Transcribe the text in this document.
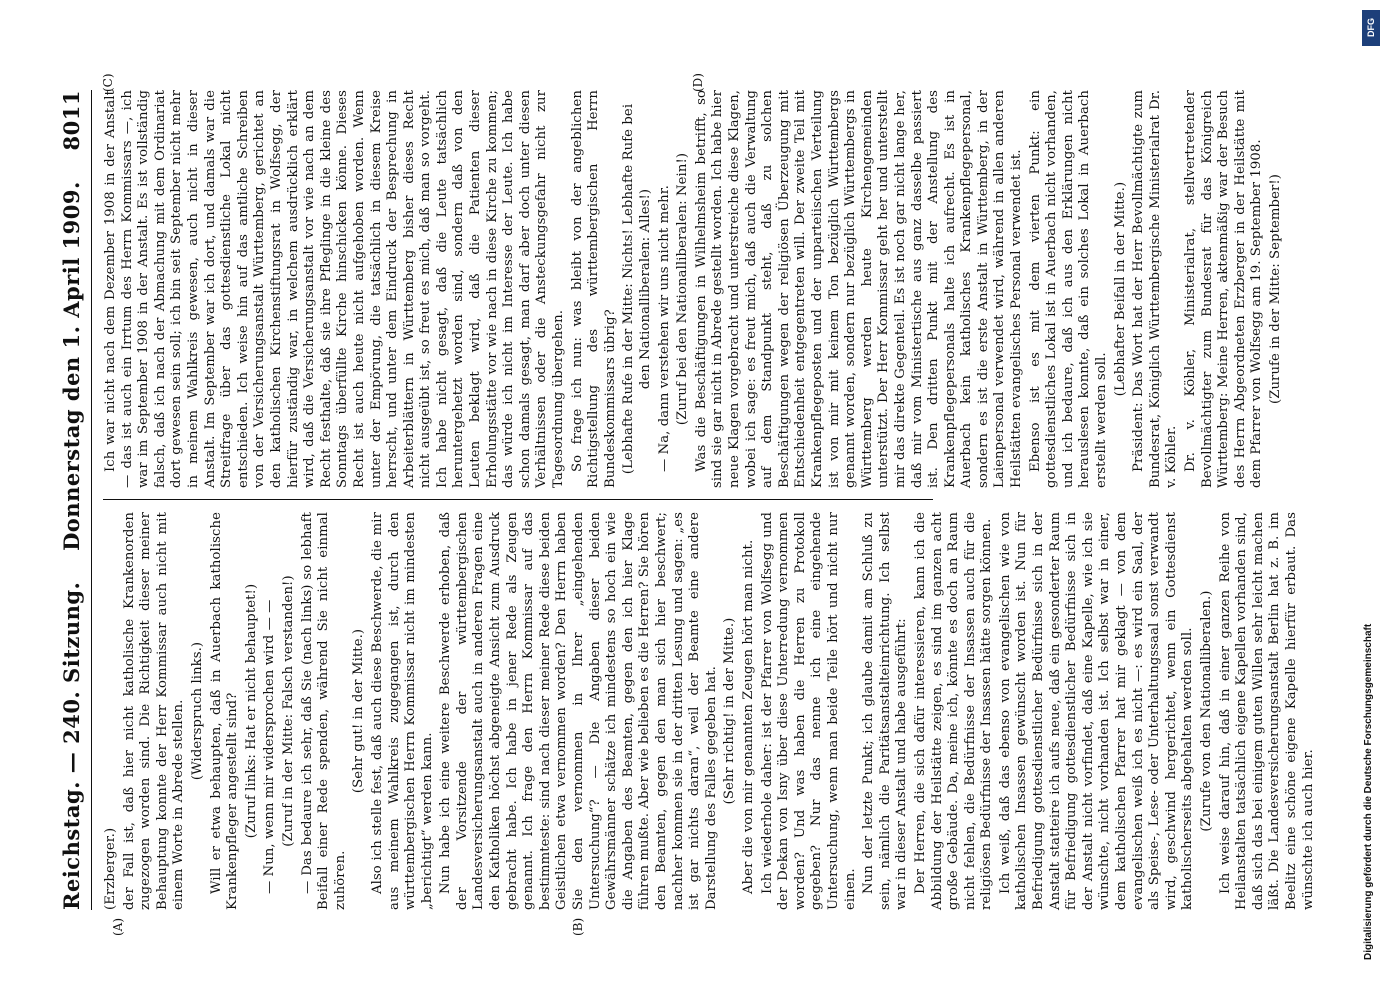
Reichstag. — 240. Sitzung.
Donnerstag den 1. April 1909.
8011
(A)	(B)
(C)	(D)

(Erzberger.) der Fall ist, daß hier nicht katholische Krankenorden zugezogen worden sind. Die Richtigkeit dieser meiner Behauptung konnte der Herr Kommissar auch nicht mit einem Worte in Abrede stellen. (Widerspruch links.) Will er etwa behaupten, daß in Auerbach katholische Krankenpfleger angestellt sind? (Zuruf links: Hat er nicht behauptet!) — Nun, wenn mir widersprochen wird — — (Zuruf in der Mitte: Falsch verstanden!) — Das bedaure ich sehr, daß Sie (nach links) so lebhaft Beifall einer Rede spenden, während Sie nicht einmal zuhören.

(Sehr gut! in der Mitte.) Also ich stelle fest, daß auch diese Beschwerde, die mir aus meinem Wahlkreis zugegangen ist, durch den württembergischen Herrn Kommissar nicht im mindesten „berichtigt“ werden kann. Nun habe ich eine weitere Beschwerde erhoben, daß der Vorsitzende der württembergischen Landesversicherungsanstalt auch in anderen Fragen eine den Katholiken höchst abgeneigte Ansicht zum Ausdruck gebracht habe. Ich habe in jener Rede als Zeugen genannt. Ich frage den Herrn Kommissar auf das bestimmteste: sind nach dieser meiner Rede diese beiden Geistlichen etwa vernommen worden? Den Herrn haben Sie den vernommen in Ihrer „eingehenden Untersuchung“? — Die Angaben dieser beiden Gewährsmänner schätze ich mindestens so hoch ein wie die Angaben des Beamten, gegen den ich hier Klage führen mußte. Aber wie belieben es die Herren? Sie hören den Beamten, gegen den man sich hier beschwert; nachher kommen sie in der dritten Lesung und sagen: „es ist gar nichts daran“, weil der Beamte eine andere Darstellung des Falles gegeben hat. (Sehr richtig! in der Mitte.) Aber die von mir genannten Zeugen hört man nicht. Ich wiederhole daher: ist der Pfarrer von Wolfsegg und der Dekan von Isny über diese Unterredung vernommen worden? Und was haben die Herren zu Protokoll gegeben? Nur das nenne ich eine eingehende Untersuchung, wenn man beide Teile hört und nicht nur einen. Nun der letzte Punkt; ich glaube damit am Schluß zu sein, nämlich die Paritätsanstalteinrichtung. Ich selbst war in dieser Anstalt und habe ausgeführt: Der Herren, die sich dafür interessieren, kann ich die Abbildung der Heilstätte zeigen, es sind im ganzen acht große Gebäude. Da, meine ich, könnte es doch an Raum nicht fehlen, die Bedürfnisse der Insassen auch für die religiösen Bedürfnisse der Insassen hätte sorgen können. Ich weiß, daß das ebenso von evangelischen wie von katholischen Insassen gewünscht worden ist. Nun für Befriedigung gottesdienstlicher Bedürfnisse sich in der Anstalt statteire ich aufs neue, daß ein gesonderter Raum für Befriedigung gottesdienstlicher Bedürfnisse sich in der Anstalt nicht vorfindet, daß eine Kapelle, wie ich sie wünschte, nicht vorhanden ist. Ich selbst war in einer, dem katholischen Pfarrer hat mir geklagt — von dem evangelischen weiß ich es nicht —: es wird ein Saal, der als Speise-, Lese- oder Unterhaltungssaal sonst verwandt wird, geschwind hergerichtet, wenn ein Gottesdienst katholischerseits abgehalten werden soll. (Zurufe von den Nationalliberalen.) Ich weise darauf hin, daß in einer ganzen Reihe von Heilanstalten tatsächlich eigene Kapellen vorhanden sind, daß sich das bei einigem guten Willen sehr leicht machen läßt. Die Landesversicherungsanstalt Berlin hat z. B. im Beelitz eine schöne eigene Kapelle hierfür erbaut. Das wünschte ich auch hier.

Ich war nicht nach dem Dezember 1908 in der Anstalt — das ist auch ein Irrtum des Herrn Kommissars —, ich war im September 1908 in der Anstalt. Es ist vollständig falsch, daß ich nach der Abmachung mit dem Ordinariat dort gewesen sein soll; ich bin seit September nicht mehr in meinem Wahlkreis gewesen, auch nicht in dieser Anstalt. Im September war ich dort, und damals war die Streitfrage über das gottesdienstliche Lokal nicht entschieden. Ich weise hin auf das amtliche Schreiben von der Versicherungsanstalt Württemberg, gerichtet an den katholischen Kirchenstiftungsrat in Wolfsegg, der hierfür zuständig war, in welchem ausdrücklich erklärt wird, daß die Versicherungsanstalt vor wie nach an dem Recht festhalte, daß sie ihre Pfleglinge in die kleine des Sonntags überfüllte Kirche hinschicken könne. Dieses Recht ist auch heute nicht aufgehoben worden. Wenn unter der Empörung, die tatsächlich in diesem Kreise herrscht, und unter dem Eindruck der Besprechung in Arbeiterblättern in Württemberg bisher dieses Recht nicht ausgeübt ist, so freut es mich, daß man so vorgeht. Ich habe nicht gesagt, daß die Leute tatsächlich heruntergehetzt worden sind, sondern daß von den Leuten beklagt wird, daß die Patienten dieser Erholungsstätte vor wie nach in diese Kirche zu kommen; das würde ich nicht im Interesse der Leute. Ich habe schon damals gesagt, man darf aber doch unter diesen Verhältnissen oder die Ansteckungsgefahr nicht zur Tagesordnung übergehen. So frage ich nun: was bleibt von der angeblichen Richtigstellung des württembergischen Herrn Bundeskommissars übrig? (Lebhafte Rufe in der Mitte: Nichts! Lebhafte Rufe bei den Nationalliberalen: Alles!) — Na, dann verstehen wir uns nicht mehr. (Zuruf bei den Nationalliberalen: Nein!) Was die Beschäftigungen in Wilhelmsheim betrifft, so sind sie gar nicht in Abrede gestellt worden. Ich habe hier neue Klagen vorgebracht und unterstreiche diese Klagen, wobei ich sage: es freut mich, daß auch die Verwaltung auf dem Standpunkt steht, daß zu solchen Beschäftigungen wegen der religiösen Überzeugung mit Entschiedenheit entgegentreten will. Der zweite Teil mit Krankenpflegeposten und der unparteiischen Verteilung ist von mir mit keinem Ton bezüglich Württembergs genannt worden, sondern nur bezüglich Württembergs in Württemberg werden heute Kirchengemeinden unterstützt. Der Herr Kommissar geht her und unterstellt mir das direkte Gegenteil. Es ist noch gar nicht lange her, daß mir vom Ministertische aus ganz dasselbe passiert ist. Den dritten Punkt mit der Anstellung des Krankenpflegepersonals halte ich aufrecht. Es ist in Auerbach kein katholisches Krankenpflegepersonal, sondern es ist die erste Anstalt in Württemberg, in der Laienpersonal verwendet wird, während in allen anderen Heilstätten evangelisches Personal verwendet ist. Ebenso ist es mit dem vierten Punkt: ein gottesdienstliches Lokal ist in Auerbach nicht vorhanden, und ich bedaure, daß ich aus den Erklärungen nicht herauslesen konnte, daß ein solches Lokal in Auerbach erstellt werden soll.

(Lebhafter Beifall in der Mitte.) Präsident: Das Wort hat der Herr Bevollmächtigte zum Bundesrat, Königlich Württembergische Ministerialrat Dr. v. Köhler. Dr. v. Köhler, Ministerialrat, stellvertretender Bevollmächtigter zum Bundesrat für das Königreich Württemberg: Meine Herren, aktenmäßig war der Besuch des Herrn Abgeordneten Erzberger in der Heilstätte mit dem Pfarrer von Wolfsegg am 19. September 1908. (Zurufe in der Mitte: September!)

DFG
Digitalisierung gefördert durch die Deutsche Forschungsgemeinschaft
